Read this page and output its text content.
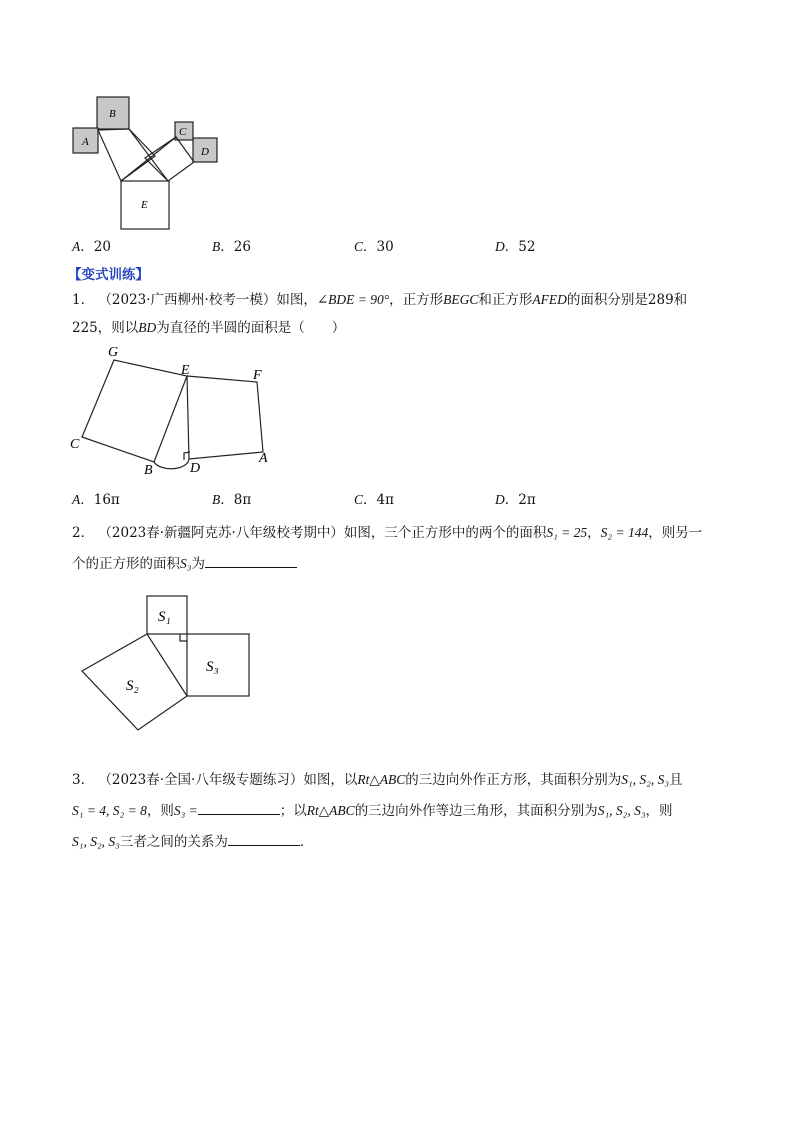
B
A
C
D
E
A．20	B．26	C．30	D．52
【变式训练】
1． （2023·广西柳州·校考一模）如图，∠BDE = 90°，正方形BEGC和正方形AFED的面积分别是289和
225，则以BD为直径的半圆的面积是（　　）
G
E	F
C
B	D
A
A．16π	B．8π	C．4π	D．2π
2． （2023春·新疆阿克苏·八年级校考期中）如图，三个正方形中的两个的面积S₁ = 25，S₂ = 144，则另一
个的正方形的面积S₃为
S₁
S₃
S₂
3． （2023春·全国·八年级专题练习）如图，以Rt△ABC的三边向外作正方形，其面积分别为S₁, S₂, S₃且
S₁ = 4, S₂ = 8，则S₃ =	；以Rt△ABC的三边向外作等边三角形，其面积分别为S₁, S₂, S₃，则
S₁, S₂, S₃三者之间的关系为	．
